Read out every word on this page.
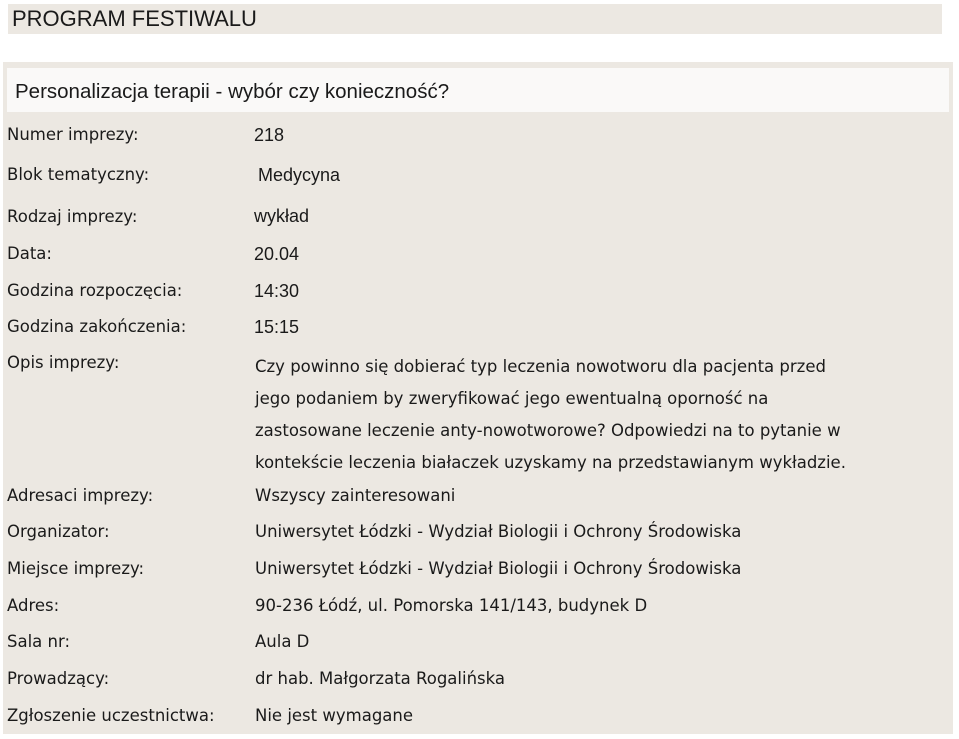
PROGRAM FESTIWALU
Personalizacja terapii - wybór czy konieczność?
Numer imprezy:	218
Blok tematyczny:	Medycyna
Rodzaj imprezy:	wykład
Data:	20.04
Godzina rozpoczęcia:	14:30
Godzina zakończenia:	15:15
Opis imprezy:	Czy powinno się dobierać typ leczenia nowotworu dla pacjenta przed
jego podaniem by zweryfikować jego ewentualną oporność na
zastosowane leczenie anty-nowotworowe? Odpowiedzi na to pytanie w
kontekście leczenia białaczek uzyskamy na przedstawianym wykładzie.
Adresaci imprezy:	Wszyscy zainteresowani
Organizator:	Uniwersytet Łódzki - Wydział Biologii i Ochrony Środowiska
Miejsce imprezy:	Uniwersytet Łódzki - Wydział Biologii i Ochrony Środowiska
Adres:	90-236 Łódź, ul. Pomorska 141/143, budynek D
Sala nr:	Aula D
Prowadzący:	dr hab. Małgorzata Rogalińska
Zgłoszenie uczestnictwa: Nie jest wymagane
